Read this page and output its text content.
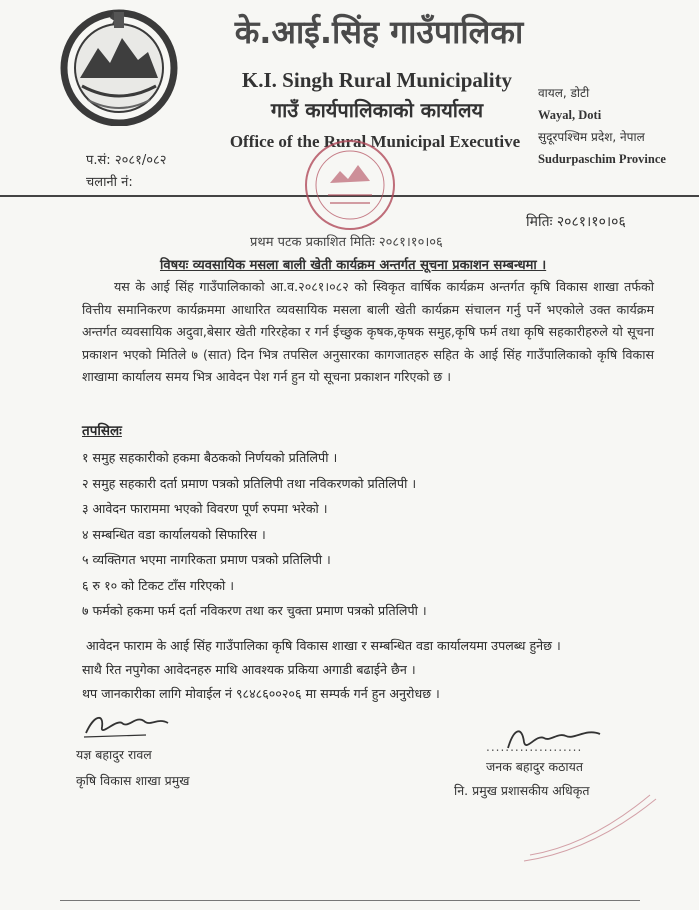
के.आई.सिंह गाउँपालिका
K.I. Singh Rural Municipality
गाउँ कार्यपालिकाको कार्यालय
Office of the Rural Municipal Executive
वायल, डोटी
Wayal, Doti
सुदूरपश्चिम प्रदेश, नेपाल
Sudurpaschim Province
प.सं: २०८१/०८२
चलानी नं:
मितिः २०८१।१०।०६
प्रथम पटक प्रकाशित मितिः २०८१।१०।०६
विषयः व्यवसायिक मसला बाली खेती कार्यक्रम अन्तर्गत सूचना प्रकाशन सम्बन्धमा ।
यस के आई सिंह गाउँपालिकाको आ.व.२०८१।०८२ को स्विकृत वार्षिक कार्यक्रम अन्तर्गत कृषि विकास शाखा तर्फको वित्तीय समानिकरण कार्यक्रममा आधारित व्यवसायिक मसला बाली खेती कार्यक्रम संचालन गर्नु पर्ने भएकोले उक्त कार्यक्रम अन्तर्गत व्यवसायिक अदुवा,बेसार खेती गरिरहेका र गर्न ईच्छुक कृषक,कृषक समुह,कृषि फर्म तथा कृषि सहकारीहरुले यो सूचना प्रकाशन भएको मितिले ७ (सात) दिन भित्र तपसिल अनुसारका कागजातहरु सहित के आई सिंह गाउँपालिकाको कृषि विकास शाखामा कार्यालय समय भित्र आवेदन पेश गर्न हुन यो सूचना प्रकाशन गरिएको छ ।
तपसिलः
१ समुह सहकारीको हकमा बैठकको निर्णयको प्रतिलिपी ।
२ समुह सहकारी दर्ता प्रमाण पत्रको प्रतिलिपी तथा नविकरणको प्रतिलिपी ।
३ आवेदन फाराममा भएको विवरण पूर्ण रुपमा भरेको ।
४ सम्बन्धित वडा कार्यालयको सिफारिस ।
५ व्यक्तिगत भएमा नागरिकता प्रमाण पत्रको प्रतिलिपी ।
६ रु १० को टिकट टाँस गरिएको ।
७ फर्मको हकमा फर्म दर्ता नविकरण तथा कर चुक्ता प्रमाण पत्रको प्रतिलिपी ।

आवेदन फाराम के आई सिंह गाउँपालिका कृषि विकास शाखा र सम्बन्धित वडा कार्यालयमा उपलब्ध हुनेछ ।

साथै रित नपुगेका आवेदनहरु माथि आवश्यक प्रकिया अगाडी बढाईने छैन ।

थप जानकारीका लागि मोवाईल नं ९८४८६००२०६ मा सम्पर्क गर्न हुन अनुरोधछ ।

यज्ञ बहादुर रावल
कृषि विकास शाखा प्रमुख
....................
जनक बहादुर कठायत
नि. प्रमुख प्रशासकीय अधिकृत
